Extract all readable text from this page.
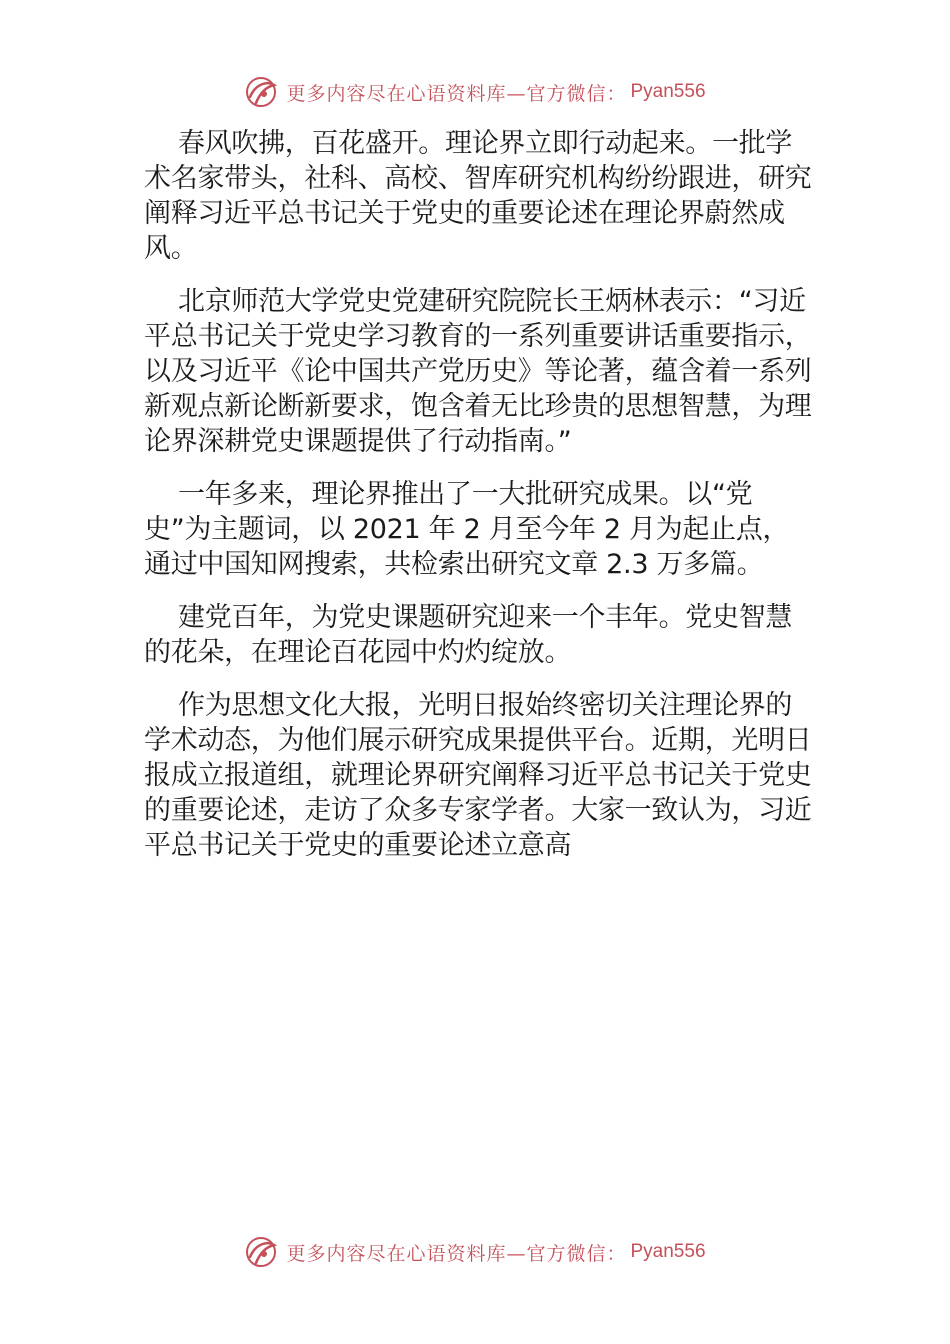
更多内容尽在心语资料库 —官方微信： Pyan556

春风吹拂，百花盛开。理论界立即行动起来。一批学术名家带头，社科、高校、智库研究机构纷纷跟进，研究阐释习近平总书记关于党史的重要论述在理论界蔚然成风。

北京师范大学党史党建研究院院长王炳林表示：“习近平总书记关于党史学习教育的一系列重要讲话重要指示，以及习近平《论中国共产党历史》等论著，蕴含着一系列新观点新论断新要求，饱含着无比珍贵的思想智慧，为理论界深耕党史课题提供了行动指南。”

一年多来，理论界推出了一大批研究成果。以“党史”为主题词，以 2021 年 2 月至今年 2 月为起止点，通过中国知网搜索，共检索出研究文章 2.3 万多篇。

建党百年，为党史课题研究迎来一个丰年。党史智慧的花朵，在理论百花园中灼灼绽放。

作为思想文化大报，光明日报始终密切关注理论界的学术动态，为他们展示研究成果提供平台。近期，光明日报成立报道组，就理论界研究阐释习近平总书记关于党史的重要论述，走访了众多专家学者。大家一致认为，习近平总书记关于党史的重要论述立意高

更多内容尽在心语资料库 —官方微信： Pyan556
